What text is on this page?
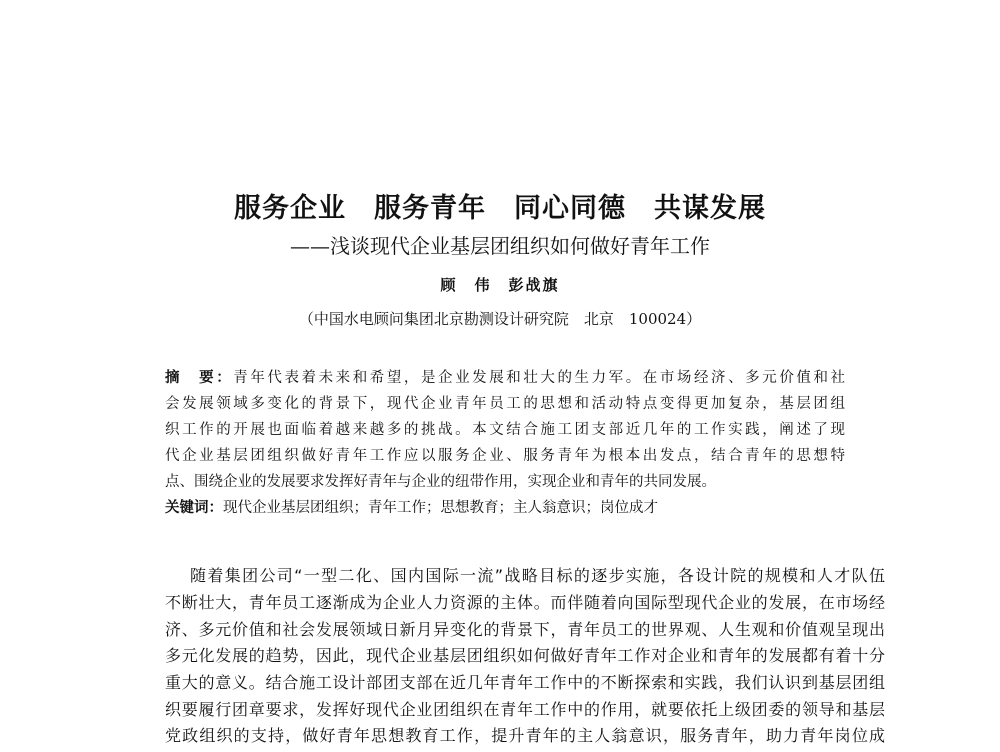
服务企业　服务青年　同心同德　共谋发展
——浅谈现代企业基层团组织如何做好青年工作
顾　伟　彭战旗
（中国水电顾问集团北京勘测设计研究院　北京　100024）
摘　要：青年代表着未来和希望，是企业发展和壮大的生力军。在市场经济、多元价值和社
会发展领域多变化的背景下，现代企业青年员工的思想和活动特点变得更加复杂，基层团组
织工作的开展也面临着越来越多的挑战。本文结合施工团支部近几年的工作实践，阐述了现
代企业基层团组织做好青年工作应以服务企业、服务青年为根本出发点，结合青年的思想特
点、围绕企业的发展要求发挥好青年与企业的纽带作用，实现企业和青年的共同发展。
关键词：现代企业基层团组织；青年工作；思想教育；主人翁意识；岗位成才
随着集团公司“一型二化、国内国际一流”战略目标的逐步实施，各设计院的规模和人才队伍
不断壮大，青年员工逐渐成为企业人力资源的主体。而伴随着向国际型现代企业的发展，在市场经
济、多元价值和社会发展领域日新月异变化的背景下，青年员工的世界观、人生观和价值观呈现出
多元化发展的趋势，因此，现代企业基层团组织如何做好青年工作对企业和青年的发展都有着十分
重大的意义。结合施工设计部团支部在近几年青年工作中的不断探索和实践，我们认识到基层团组
织要履行团章要求，发挥好现代企业团组织在青年工作中的作用，就要依托上级团委的领导和基层
党政组织的支持，做好青年思想教育工作，提升青年的主人翁意识，服务青年，助力青年岗位成
